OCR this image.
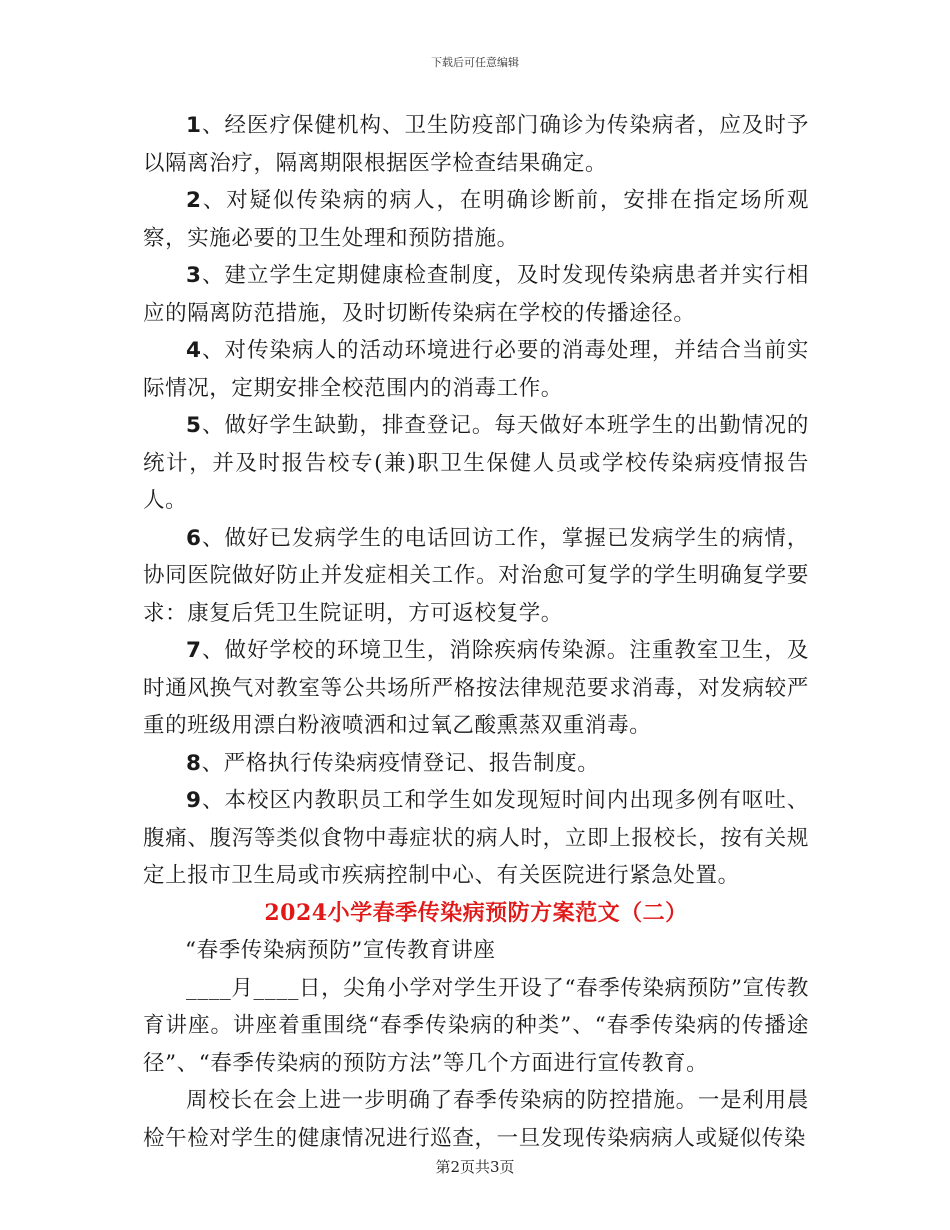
下载后可任意编辑

1、经医疗保健机构、卫生防疫部门确诊为传染病者，应及时予以隔离治疗，隔离期限根据医学检查结果确定。

2、对疑似传染病的病人，在明确诊断前，安排在指定场所观察，实施必要的卫生处理和预防措施。

3、建立学生定期健康检查制度，及时发现传染病患者并实行相应的隔离防范措施，及时切断传染病在学校的传播途径。

4、对传染病人的活动环境进行必要的消毒处理，并结合当前实际情况，定期安排全校范围内的消毒工作。

5、做好学生缺勤，排查登记。每天做好本班学生的出勤情况的统计，并及时报告校专(兼)职卫生保健人员或学校传染病疫情报告人。

6、做好已发病学生的电话回访工作，掌握已发病学生的病情，协同医院做好防止并发症相关工作。对治愈可复学的学生明确复学要求：康复后凭卫生院证明，方可返校复学。

7、做好学校的环境卫生，消除疾病传染源。注重教室卫生，及时通风换气对教室等公共场所严格按法律规范要求消毒，对发病较严重的班级用漂白粉液喷洒和过氧乙酸熏蒸双重消毒。

8、严格执行传染病疫情登记、报告制度。

9、本校区内教职员工和学生如发现短时间内出现多例有呕吐、腹痛、腹泻等类似食物中毒症状的病人时，立即上报校长，按有关规定上报市卫生局或市疾病控制中心、有关医院进行紧急处置。

2024小学春季传染病预防方案范文（二）

“春季传染病预防”宣传教育讲座

____月____日，尖角小学对学生开设了“春季传染病预防”宣传教育讲座。讲座着重围绕“春季传染病的种类”、“春季传染病的传播途径”、“春季传染病的预防方法”等几个方面进行宣传教育。

周校长在会上进一步明确了春季传染病的防控措施。一是利用晨检午检对学生的健康情况进行巡查，一旦发现传染病病人或疑似传染

第2页共3页
